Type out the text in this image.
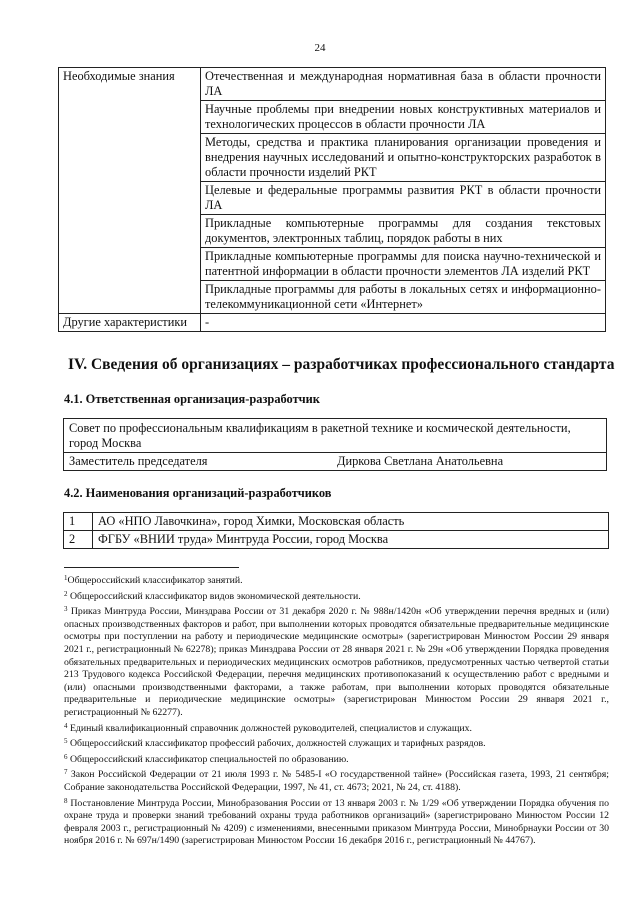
24
Необходимые знания	Отечественная и международная нормативная база в области прочности ЛА
	Научные проблемы при внедрении новых конструктивных материалов и технологических процессов в области прочности ЛА
	Методы, средства и практика планирования организации проведения и внедрения научных исследований и опытно-конструкторских разработок в области прочности изделий РКТ
	Целевые и федеральные программы развития РКТ в области прочности ЛА
	Прикладные компьютерные программы для создания текстовых документов, электронных таблиц, порядок работы в них
	Прикладные компьютерные программы для поиска научно-технической и патентной информации в области прочности элементов ЛА изделий РКТ
	Прикладные программы для работы в локальных сетях и информационно-телекоммуникационной сети «Интернет»
Другие характеристики	-
IV. Сведения об организациях – разработчиках профессионального стандарта
4.1. Ответственная организация-разработчик
Совет по профессиональным квалификациям в ракетной технике и космической деятельности, город Москва
Заместитель председателя	Диркова Светлана Анатольевна
4.2. Наименования организаций-разработчиков
1	АО «НПО Лавочкина», город Химки, Московская область
2	ФГБУ «ВНИИ труда» Минтруда России, город Москва

$^1$Общероссийский классификатор занятий.

$^2$ Общероссийский классификатор видов экономической деятельности.

$^3$ Приказ Минтруда России, Минздрава России от 31 декабря 2020 г. № 988н/1420н «Об утверждении перечня вредных и (или) опасных производственных факторов и работ, при выполнении которых проводятся обязательные предварительные медицинские осмотры при поступлении на работу и периодические медицинские осмотры» (зарегистрирован Минюстом России 29 января 2021 г., регистрационный № 62278); приказ Минздрава России от 28 января 2021 г. № 29н «Об утверждении Порядка проведения обязательных предварительных и периодических медицинских осмотров работников, предусмотренных частью четвертой статьи 213 Трудового кодекса Российской Федерации, перечня медицинских противопоказаний к осуществлению работ с вредными и (или) опасными производственными факторами, а также работам, при выполнении которых проводятся обязательные предварительные и периодические медицинские осмотры» (зарегистрирован Минюстом России 29 января 2021 г., регистрационный № 62277).

$^4$ Единый квалификационный справочник должностей руководителей, специалистов и служащих.

$^5$ Общероссийский классификатор профессий рабочих, должностей служащих и тарифных разрядов.

$^6$ Общероссийский классификатор специальностей по образованию.

$^7$ Закон Российской Федерации от 21 июля 1993 г. № 5485-I «О государственной тайне» (Российская газета, 1993, 21 сентября; Собрание законодательства Российской Федерации, 1997, № 41, ст. 4673; 2021, № 24, ст. 4188).

$^8$ Постановление Минтруда России, Минобразования России от 13 января 2003 г. № 1/29 «Об утверждении Порядка обучения по охране труда и проверки знаний требований охраны труда работников организаций» (зарегистрировано Минюстом России 12 февраля 2003 г., регистрационный № 4209) с изменениями, внесенными приказом Минтруда России, Минобрнауки России от 30 ноября 2016 г. № 697н/1490 (зарегистрирован Минюстом России 16 декабря 2016 г., регистрационный № 44767).
